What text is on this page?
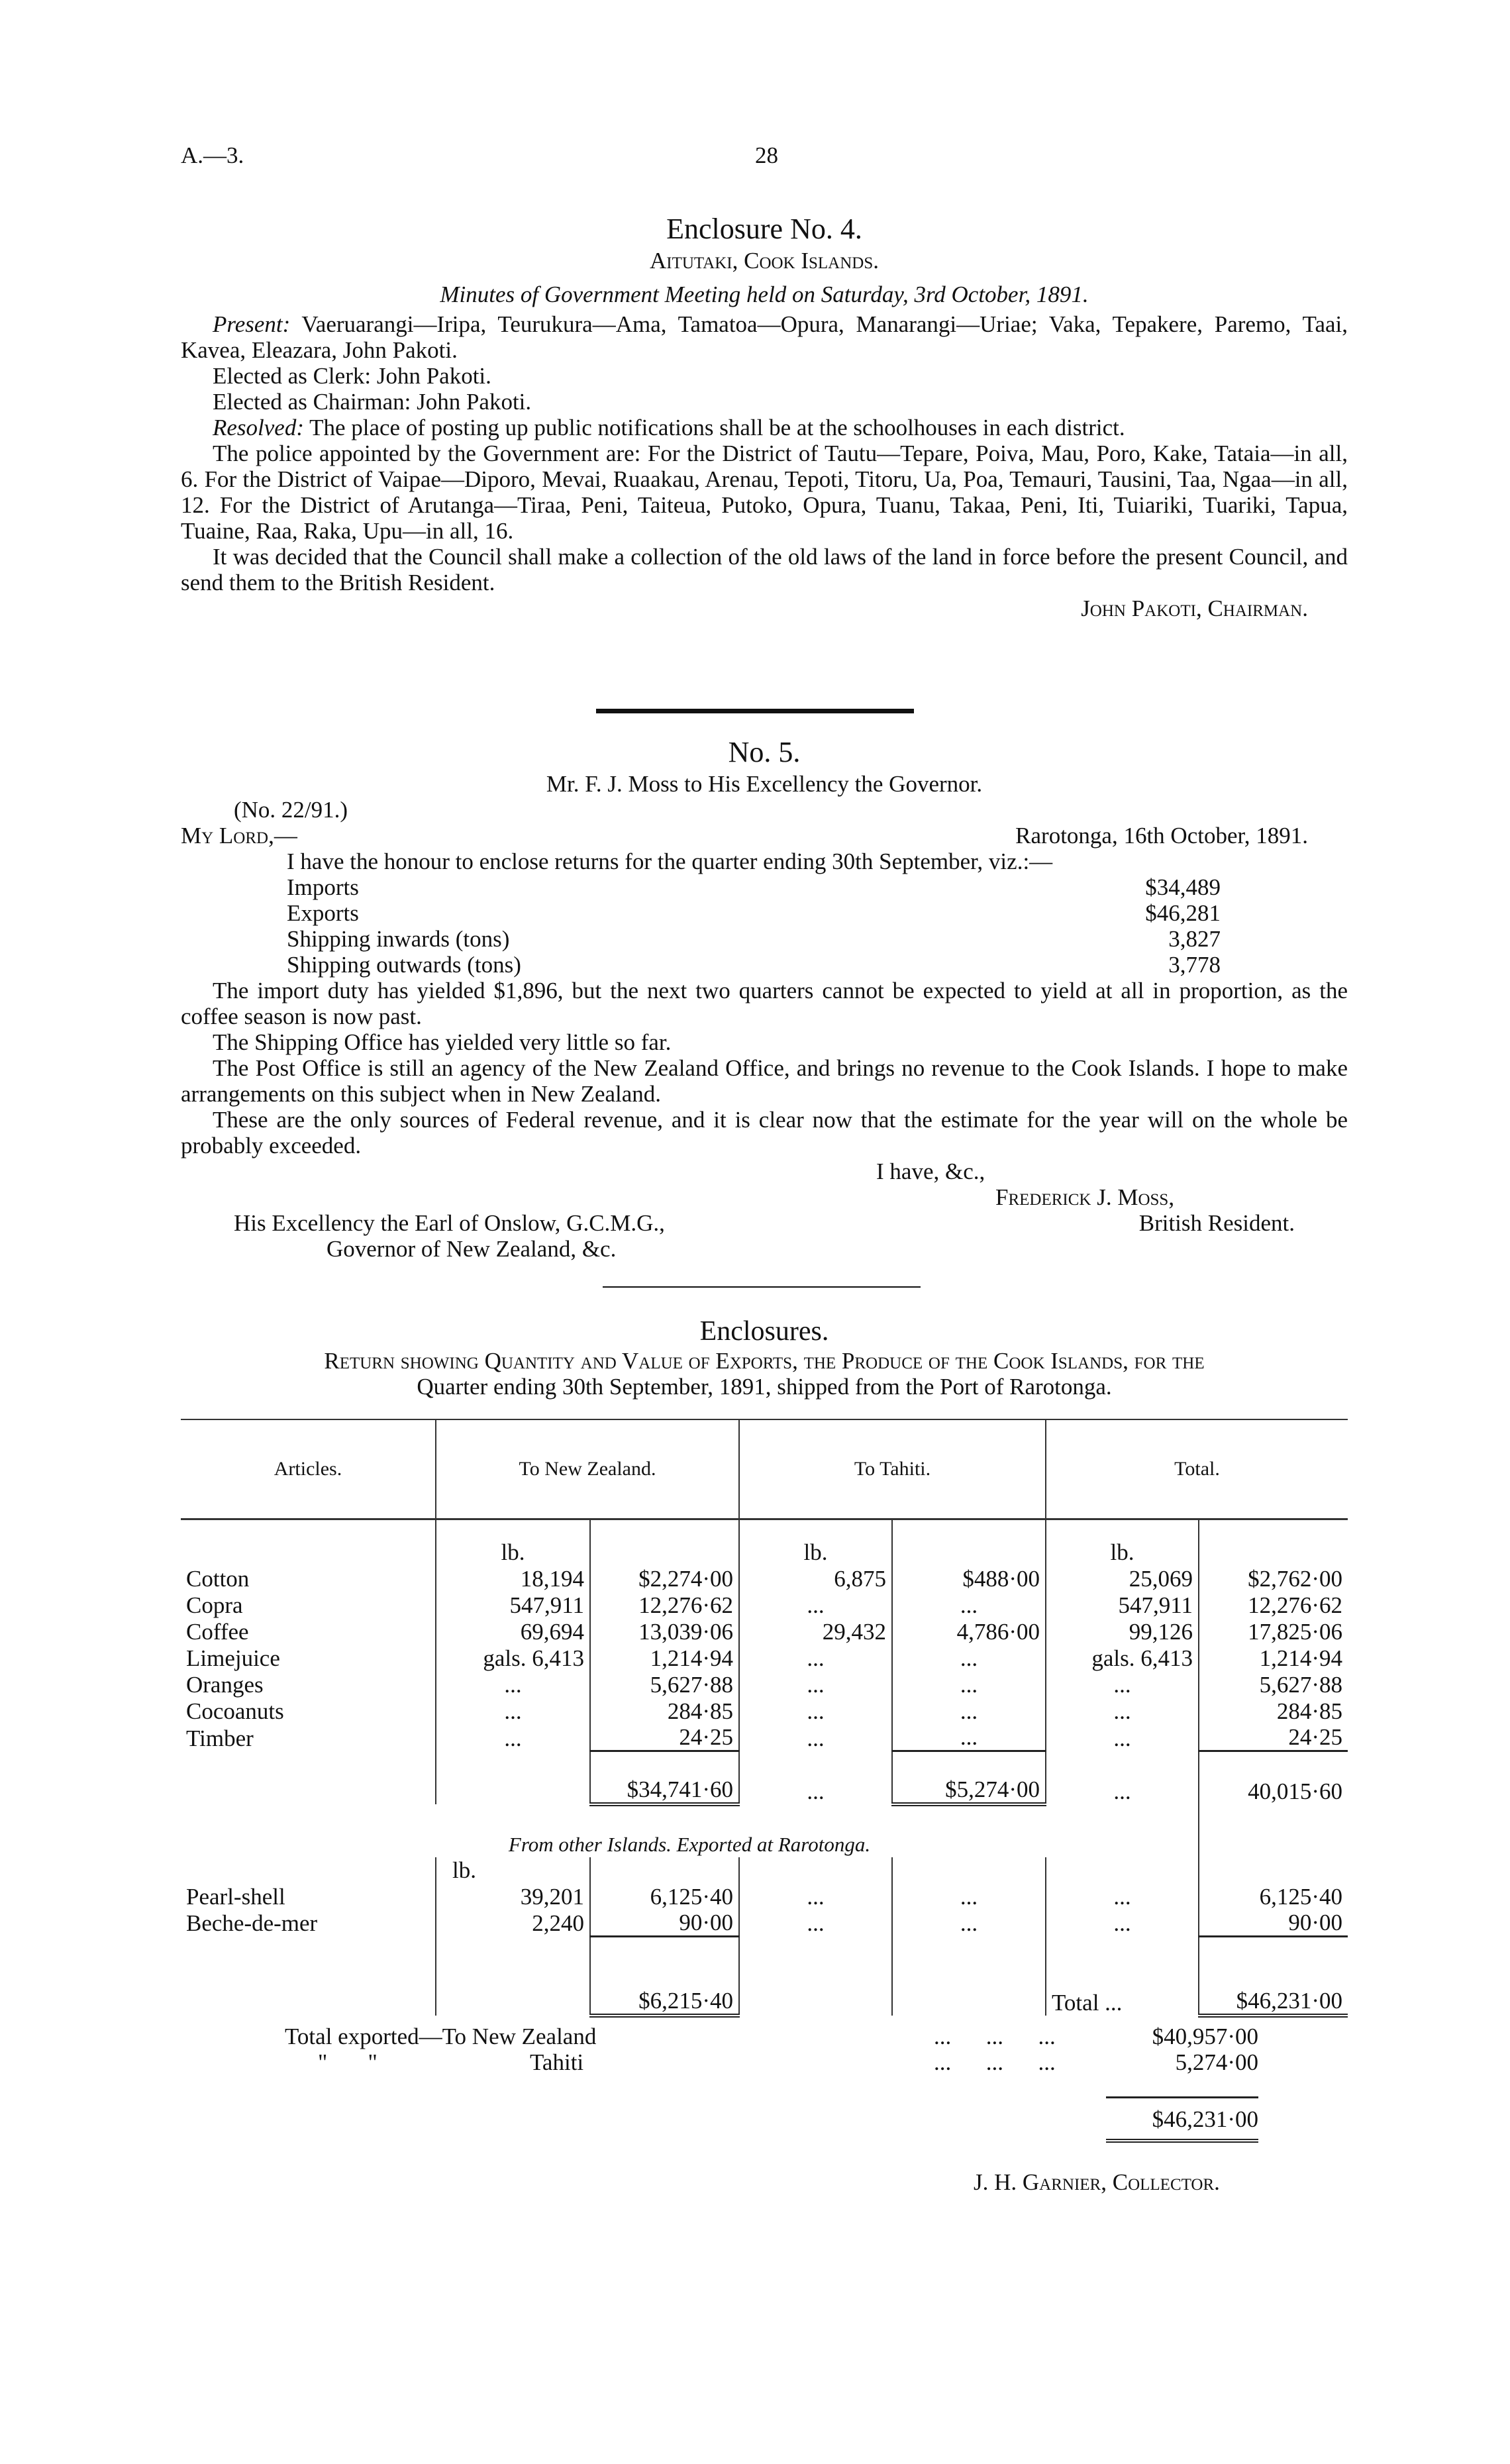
A.—3.	28
Enclosure No. 4.
Aitutaki, Cook Islands.
Minutes of Government Meeting held on Saturday, 3rd October, 1891.

Present: Vaeruarangi—Iripa, Teurukura—Ama, Tamatoa—Opura, Manarangi—Uriae; Vaka, Tepakere, Paremo, Taai, Kavea, Eleazara, John Pakoti.

Elected as Clerk: John Pakoti.

Elected as Chairman: John Pakoti.

Resolved: The place of posting up public notifications shall be at the schoolhouses in each district.

The police appointed by the Government are: For the District of Tautu—Tepare, Poiva, Mau, Poro, Kake, Tataia—in all, 6. For the District of Vaipae—Diporo, Mevai, Ruaakau, Arenau, Tepoti, Titoru, Ua, Poa, Temauri, Tausini, Taa, Ngaa—in all, 12. For the District of Arutanga—Tiraa, Peni, Taiteua, Putoko, Opura, Tuanu, Takaa, Peni, Iti, Tuiariki, Tuariki, Tapua, Tuaine, Raa, Raka, Upu—in all, 16.

It was decided that the Council shall make a collection of the old laws of the land in force before the present Council, and send them to the British Resident.

John Pakoti, Chairman.

No. 5.
Mr. F. J. Moss to His Excellency the Governor.
(No. 22/91.)
My Lord,—	Rarotonga, 16th October, 1891.

I have the honour to enclose returns for the quarter ending 30th September, viz.:—

Imports	$34,489
Exports	$46,281
Shipping inwards (tons)	3,827
Shipping outwards (tons)	3,778

The import duty has yielded $1,896, but the next two quarters cannot be expected to yield at all in proportion, as the coffee season is now past.

The Shipping Office has yielded very little so far.

The Post Office is still an agency of the New Zealand Office, and brings no revenue to the Cook Islands. I hope to make arrangements on this subject when in New Zealand.

These are the only sources of Federal revenue, and it is clear now that the estimate for the year will on the whole be probably exceeded.

I have, &c.,
Frederick J. Moss,
His Excellency the Earl of Onslow, G.C.M.G.,	British Resident.
Governor of New Zealand, &c.
Enclosures.
Return showing Quantity and Value of Exports, the Produce of the Cook Islands, for the
Quarter ending 30th September, 1891, shipped from the Port of Rarotonga.
Articles.	To New Zealand.		To Tahiti.		Total.	
	lb.		lb.		lb.	
Cotton	18,194	$2,274·00	6,875	$488·00	25,069	$2,762·00
Copra	547,911	12,276·62	...	...	547,911	12,276·62
Coffee	69,694	13,039·06	29,432	4,786·00	99,126	17,825·06
Limejuice	gals. 6,413	1,214·94	...	...	gals. 6,413	1,214·94
Oranges	...	5,627·88	...	...	...	5,627·88
Cocoanuts	...	284·85	...	...	...	284·85
Timber	...	24·25	...	...	...	24·25
		$34,741·60	...	$5,274·00	...	40,015·60
From other Islands. Exported at Rarotonga.						
	lb.					
Pearl-shell	39,201	6,125·40	...	...	...	6,125·40
Beche-de-mer	2,240	90·00	...	...	...	90·00
		$6,215·40			Total ...	$46,231·00
Total exported—To New Zealand	...      ...      ...	$40,957·00
"       "	Tahiti	...      ...      ...	5,274·00
$46,231·00
J. H. Garnier, Collector.
